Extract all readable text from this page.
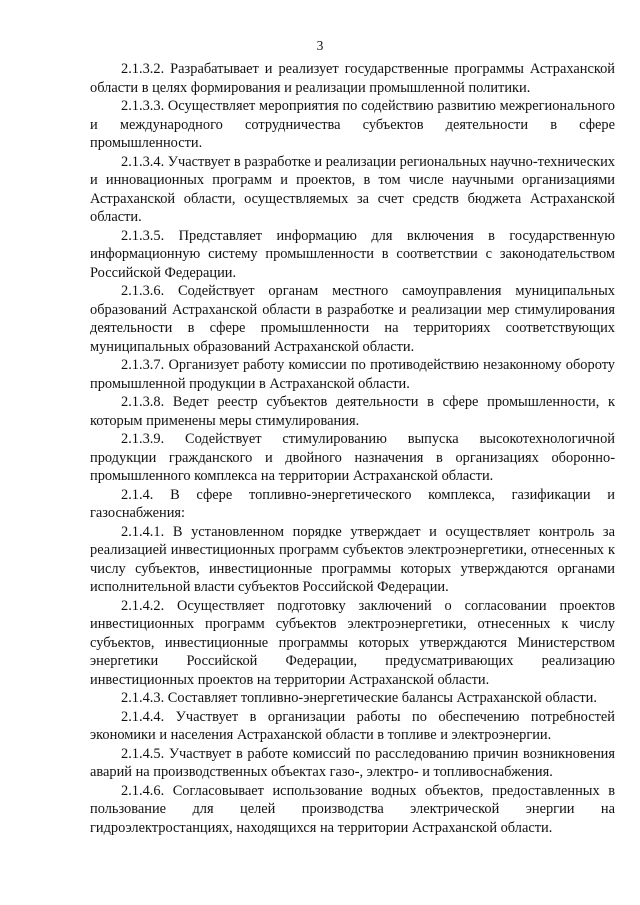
3

2.1.3.2. Разрабатывает и реализует государственные программы Астраханской области в целях формирования и реализации промышленной политики.

2.1.3.3. Осуществляет мероприятия по содействию развитию межрегионального и международного сотрудничества субъектов деятельности в сфере промышленности.

2.1.3.4. Участвует в разработке и реализации региональных научно-технических и инновационных программ и проектов, в том числе научными организациями Астраханской области, осуществляемых за счет средств бюджета Астраханской области.

2.1.3.5. Представляет информацию для включения в государственную информационную систему промышленности в соответствии с законодательством Российской Федерации.

2.1.3.6. Содействует органам местного самоуправления муниципальных образований Астраханской области в разработке и реализации мер стимулирования деятельности в сфере промышленности на территориях соответствующих муниципальных образований Астраханской области.

2.1.3.7. Организует работу комиссии по противодействию незаконному обороту промышленной продукции в Астраханской области.

2.1.3.8. Ведет реестр субъектов деятельности в сфере промышленности, к которым применены меры стимулирования.

2.1.3.9. Содействует стимулированию выпуска высокотехнологичной продукции гражданского и двойного назначения в организациях оборонно-промышленного комплекса на территории Астраханской области.

2.1.4. В сфере топливно-энергетического комплекса, газификации и газоснабжения:

2.1.4.1. В установленном порядке утверждает и осуществляет контроль за реализацией инвестиционных программ субъектов электроэнергетики, отнесенных к числу субъектов, инвестиционные программы которых утверждаются органами исполнительной власти субъектов Российской Федерации.

2.1.4.2. Осуществляет подготовку заключений о согласовании проектов инвестиционных программ субъектов электроэнергетики, отнесенных к числу субъектов, инвестиционные программы которых утверждаются Министерством энергетики Российской Федерации, предусматривающих реализацию инвестиционных проектов на территории Астраханской области.

2.1.4.3. Составляет топливно-энергетические балансы Астраханской области.

2.1.4.4. Участвует в организации работы по обеспечению потребностей экономики и населения Астраханской области в топливе и электроэнергии.

2.1.4.5. Участвует в работе комиссий по расследованию причин возникновения аварий на производственных объектах газо-, электро- и топливоснабжения.

2.1.4.6. Согласовывает использование водных объектов, предоставленных в пользование для целей производства электрической энергии на гидроэлектростанциях, находящихся на территории Астраханской области.
